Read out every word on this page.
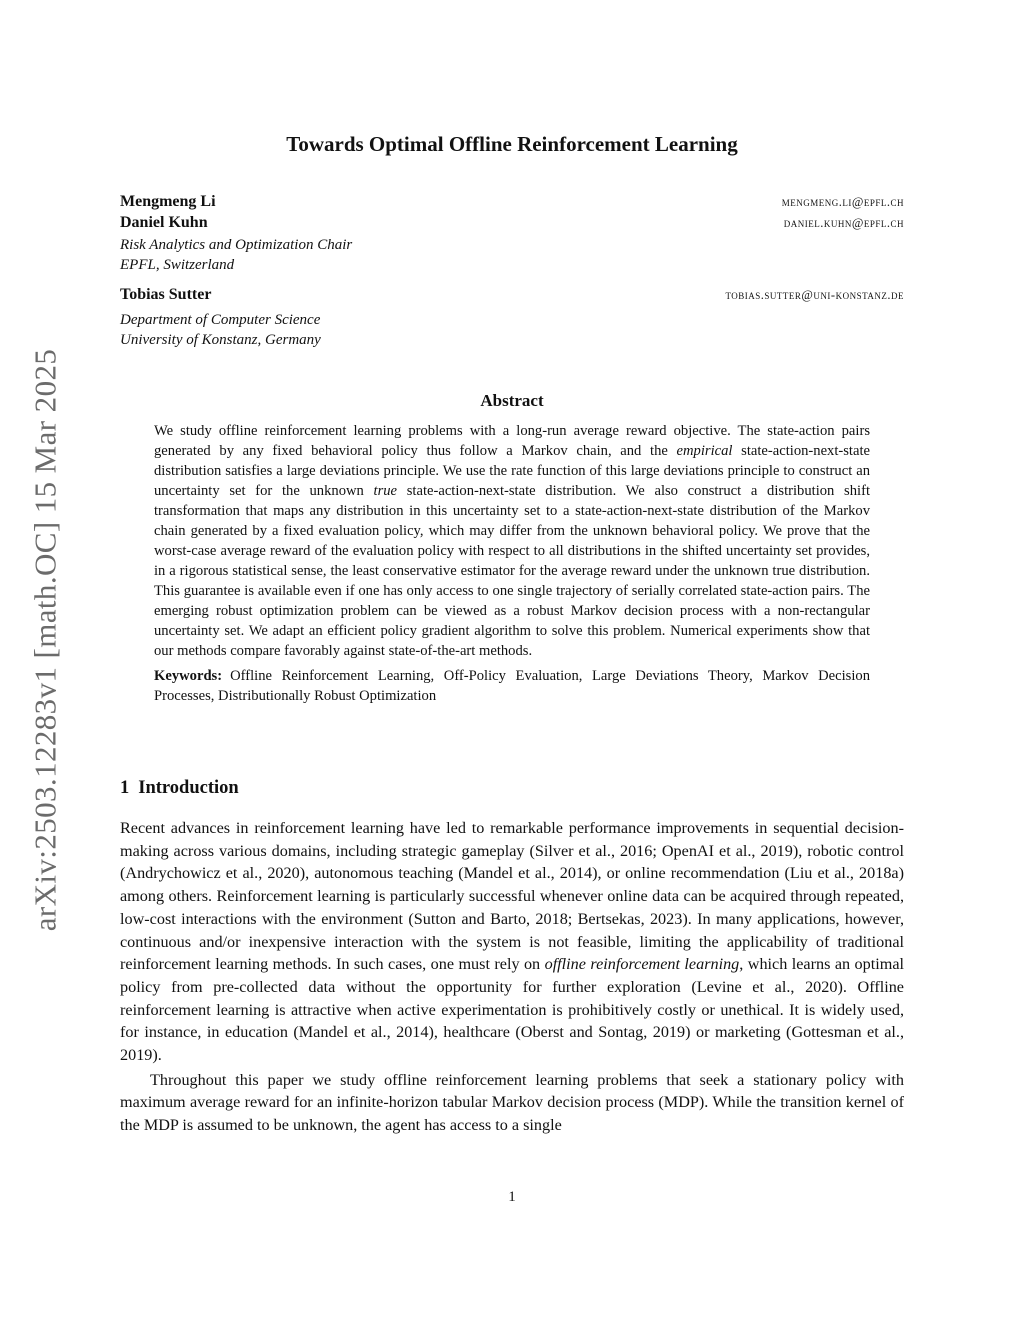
arXiv:2503.12283v1 [math.OC] 15 Mar 2025
Towards Optimal Offline Reinforcement Learning
Mengmeng Li	mengmeng.li@epfl.ch
Daniel Kuhn	daniel.kuhn@epfl.ch
Risk Analytics and Optimization Chair
EPFL, Switzerland
Tobias Sutter	tobias.sutter@uni-konstanz.de
Department of Computer Science
University of Konstanz, Germany
Abstract

We study offline reinforcement learning problems with a long-run average reward objective. The state-action pairs generated by any fixed behavioral policy thus follow a Markov chain, and the empirical state-action-next-state distribution satisfies a large deviations principle. We use the rate function of this large deviations principle to construct an uncertainty set for the unknown true state-action-next-state distribution. We also construct a distribution shift transformation that maps any distribution in this uncertainty set to a state-action-next-state distribution of the Markov chain generated by a fixed evaluation policy, which may differ from the unknown behavioral policy. We prove that the worst-case average reward of the evaluation policy with respect to all distributions in the shifted uncertainty set provides, in a rigorous statistical sense, the least conservative estimator for the average reward under the unknown true distribution. This guarantee is available even if one has only access to one single trajectory of serially correlated state-action pairs. The emerging robust optimization problem can be viewed as a robust Markov decision process with a non-rectangular uncertainty set. We adapt an efficient policy gradient algorithm to solve this problem. Numerical experiments show that our methods compare favorably against state-of-the-art methods.

Keywords: Offline Reinforcement Learning, Off-Policy Evaluation, Large Deviations Theory, Markov Decision Processes, Distributionally Robust Optimization

1 Introduction

Recent advances in reinforcement learning have led to remarkable performance improvements in sequential decision-making across various domains, including strategic gameplay (Silver et al., 2016; OpenAI et al., 2019), robotic control (Andrychowicz et al., 2020), autonomous teaching (Mandel et al., 2014), or online recommendation (Liu et al., 2018a) among others. Reinforcement learning is particularly successful whenever online data can be acquired through repeated, low-cost interactions with the environment (Sutton and Barto, 2018; Bertsekas, 2023). In many applications, however, continuous and/or inexpensive interaction with the system is not feasible, limiting the applicability of traditional reinforcement learning methods. In such cases, one must rely on offline reinforcement learning, which learns an optimal policy from pre-collected data without the opportunity for further exploration (Levine et al., 2020). Offline reinforcement learning is attractive when active experimentation is prohibitively costly or unethical. It is widely used, for instance, in education (Mandel et al., 2014), healthcare (Oberst and Sontag, 2019) or marketing (Gottesman et al., 2019).

Throughout this paper we study offline reinforcement learning problems that seek a stationary policy with maximum average reward for an infinite-horizon tabular Markov decision process (MDP). While the transition kernel of the MDP is assumed to be unknown, the agent has access to a single

1
